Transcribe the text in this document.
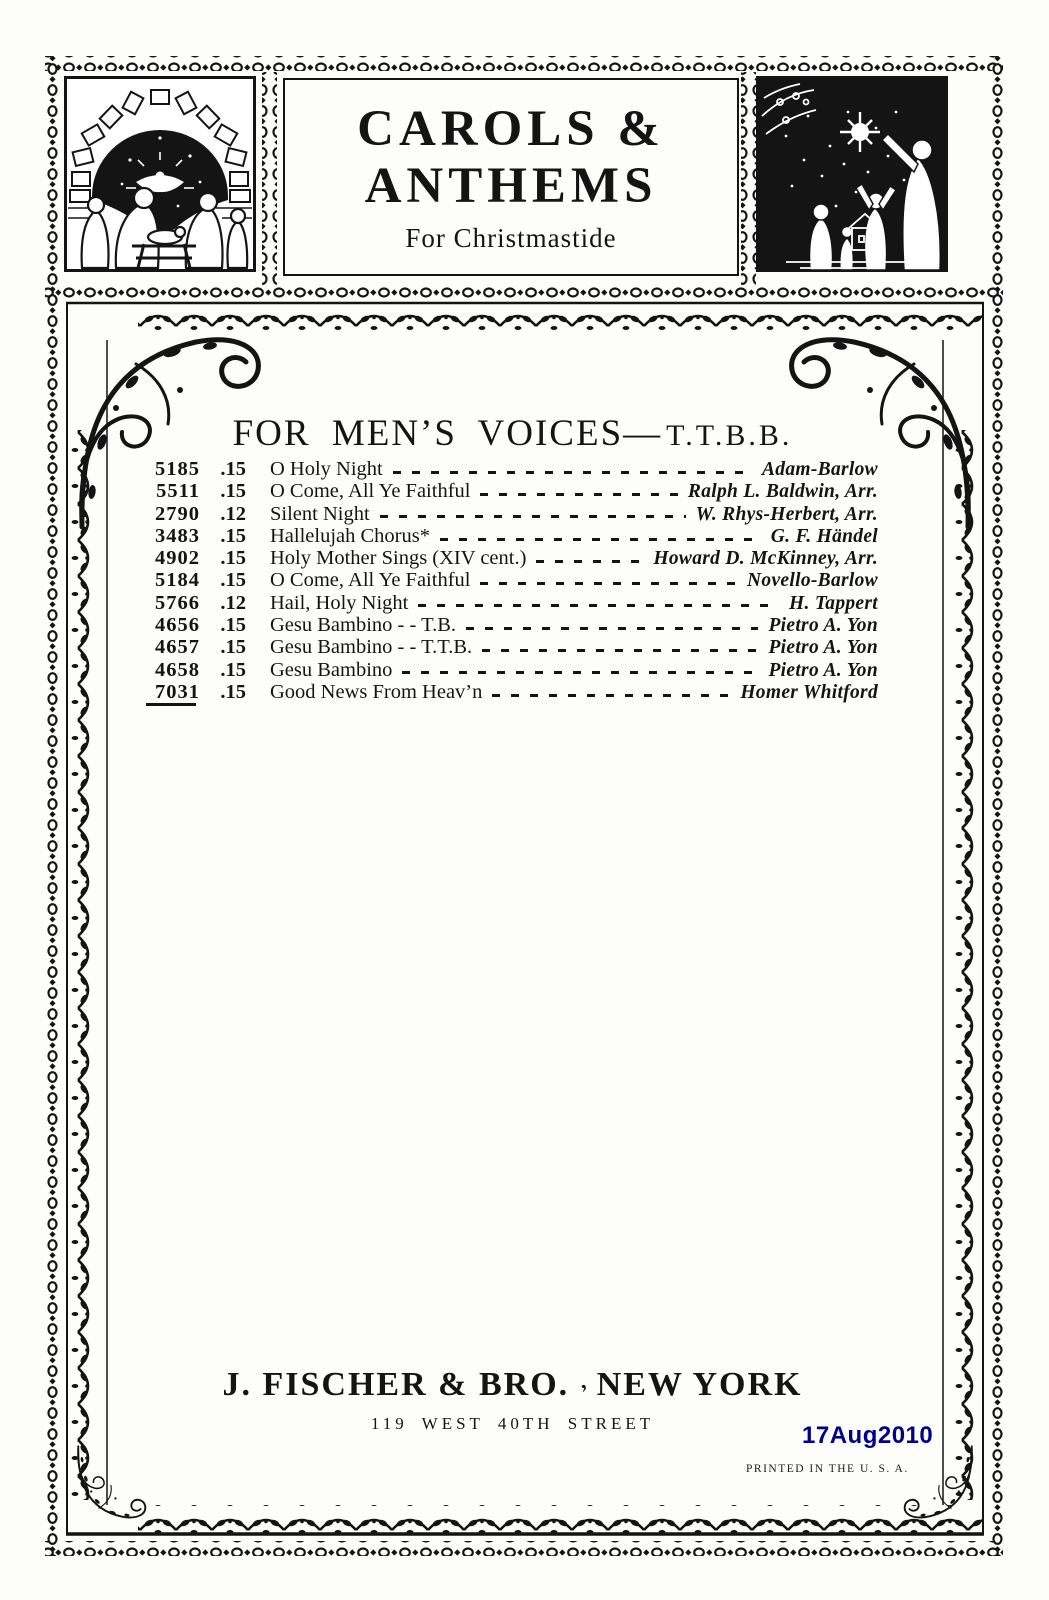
CAROLS &
ANTHEMS
For Christmastide
FOR MEN’S VOICES— T.T.B.B.
5185 .15 O Holy Night	Adam-Barlow
5511 .15 O Come, All Ye Faithful	Ralph L. Baldwin, Arr.
2790 .12 Silent Night	W. Rhys-Herbert, Arr.
3483 .15 Hallelujah Chorus*	G. F. Händel
4902 .15 Holy Mother Sings (XIV cent.)	Howard D. McKinney, Arr.
5184 .15 O Come, All Ye Faithful	Novello-Barlow
5766 .12 Hail, Holy Night	H. Tappert
4656 .15 Gesu Bambino - - T.B.	Pietro A. Yon
4657 .15 Gesu Bambino - - T.T.B.	Pietro A. Yon
4658 .15 Gesu Bambino	Pietro A. Yon
7031 .15 Good News From Heav’n	Homer Whitford
J. FISCHER & BRO. , NEW YORK
119 WEST 40TH STREET	17Aug2010
PRINTED IN THE U. S. A.
